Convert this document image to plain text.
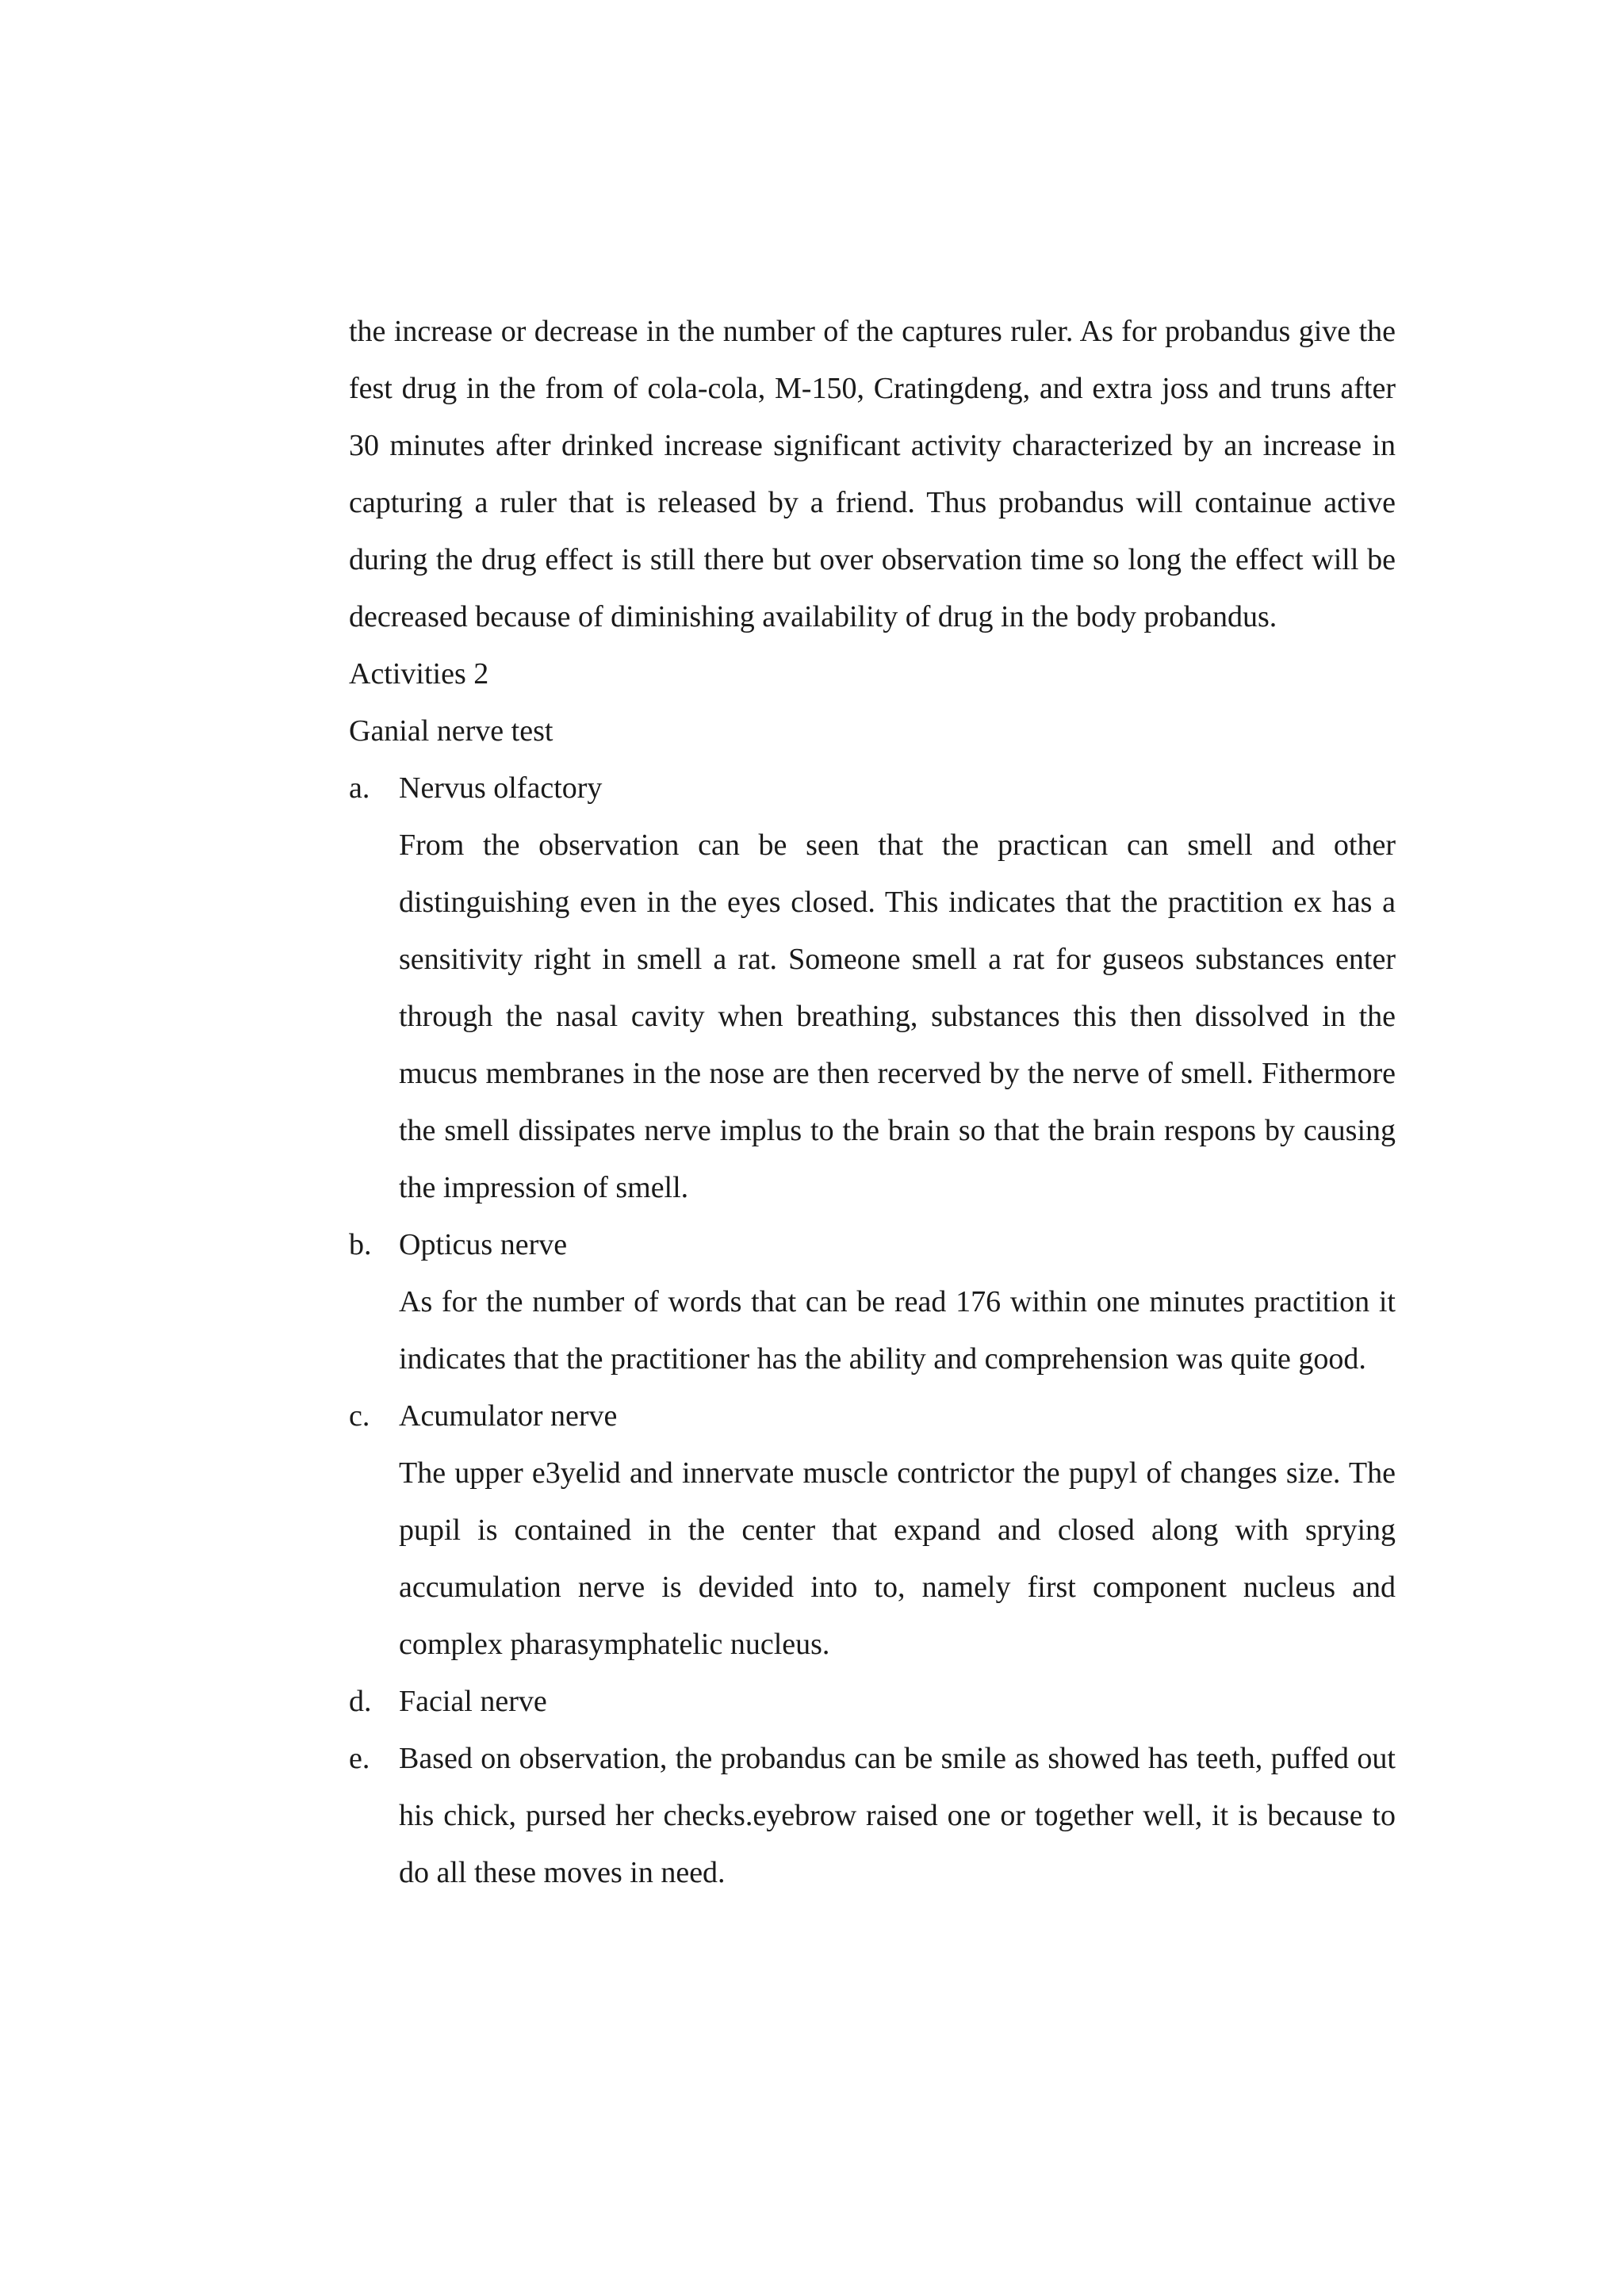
the increase or decrease in the number of the captures ruler. As for probandus give the fest drug in the from of cola-cola, M-150, Cratingdeng, and extra joss and truns after 30 minutes after drinked increase significant activity characterized by an increase in capturing a ruler that is released by a friend. Thus probandus will containue active during the drug effect is still there but over observation time so long the effect will be decreased because of diminishing availability of drug in the body probandus.

Activities 2

Ganial nerve test

a. Nervus olfactory

From the observation can be seen that the practican can smell and other distinguishing even in the eyes closed. This indicates that the practition ex has a sensitivity right in smell a rat. Someone smell a rat for guseos substances enter through the nasal cavity when breathing, substances this then dissolved in the mucus membranes in the nose are then recerved by the nerve of smell. Fithermore the smell dissipates nerve implus to the brain so that the brain respons by causing the impression of smell.

b. Opticus nerve

As for the number of words that can be read 176 within one minutes practition it indicates that the practitioner has the ability and comprehension was quite good.

c. Acumulator nerve

The upper e3yelid and innervate muscle contrictor the pupyl of changes size. The pupil is contained in the center that expand and closed along with sprying accumulation nerve is devided into to, namely first component nucleus and complex pharasymphatelic nucleus.

d. Facial nerve
e. Based on observation, the probandus can be smile as showed has teeth, puffed out his chick, pursed her checks.eyebrow raised one or together well, it is because to do all these moves in need.
